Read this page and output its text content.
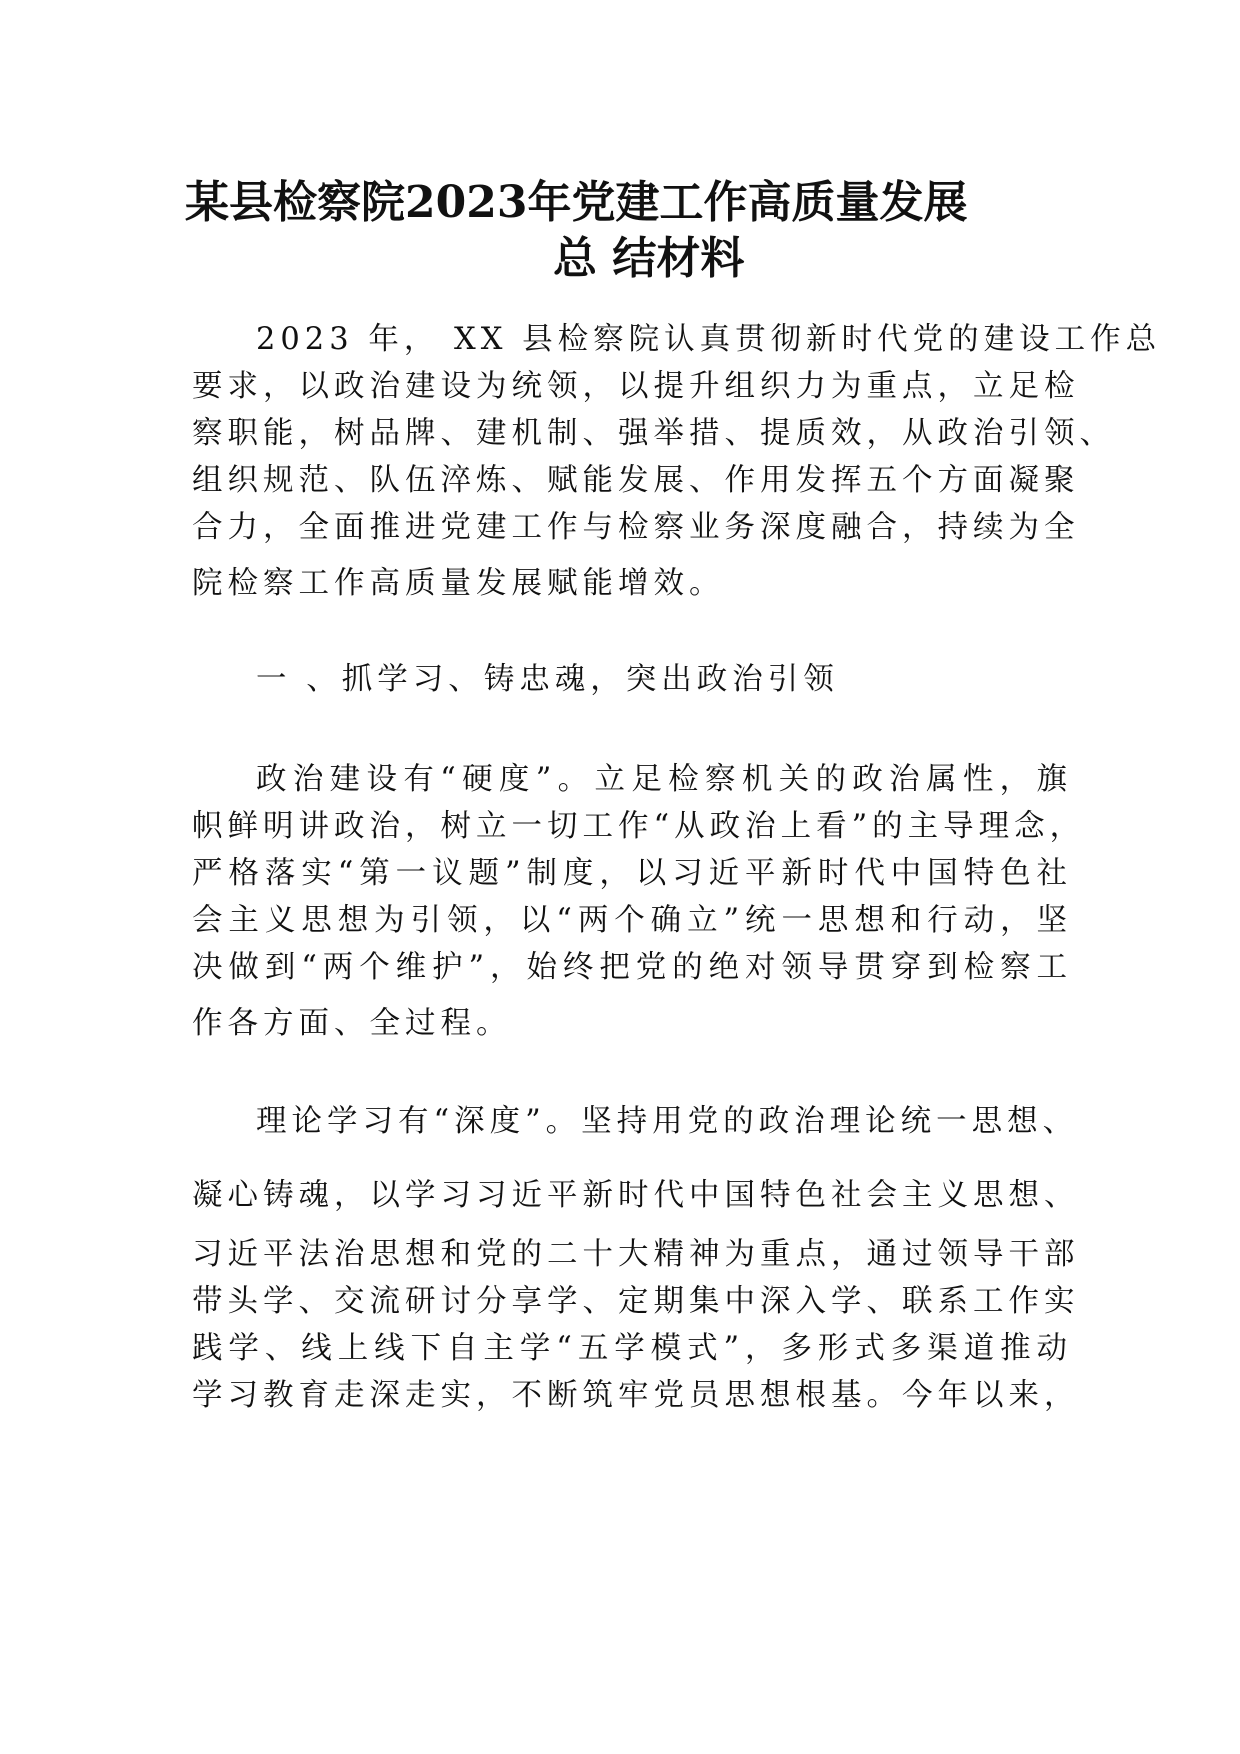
某县检察院2023年党建工作高质量发展
总 结材料
2023 年， XX 县检察院认真贯彻新时代党的建设工作总
要求，以政治建设为统领，以提升组织力为重点，立足检
察职能，树品牌、建机制、强举措、提质效，从政治引领、
组织规范、队伍淬炼、赋能发展、作用发挥五个方面凝聚
合力，全面推进党建工作与检察业务深度融合，持续为全
院检察工作高质量发展赋能增效。
一 、抓学习、铸忠魂，突出政治引领
政治建设有“硬度”。立足检察机关的政治属性，旗
帜鲜明讲政治，树立一切工作“从政治上看”的主导理念，
严格落实“第一议题”制度，以习近平新时代中国特色社
会主义思想为引领，以“两个确立”统一思想和行动，坚
决做到“两个维护”，始终把党的绝对领导贯穿到检察工
作各方面、全过程。
理论学习有“深度”。坚持用党的政治理论统一思想、
凝心铸魂，以学习习近平新时代中国特色社会主义思想、
习近平法治思想和党的二十大精神为重点，通过领导干部
带头学、交流研讨分享学、定期集中深入学、联系工作实
践学、线上线下自主学“五学模式”，多形式多渠道推动
学习教育走深走实，不断筑牢党员思想根基。今年以来，
